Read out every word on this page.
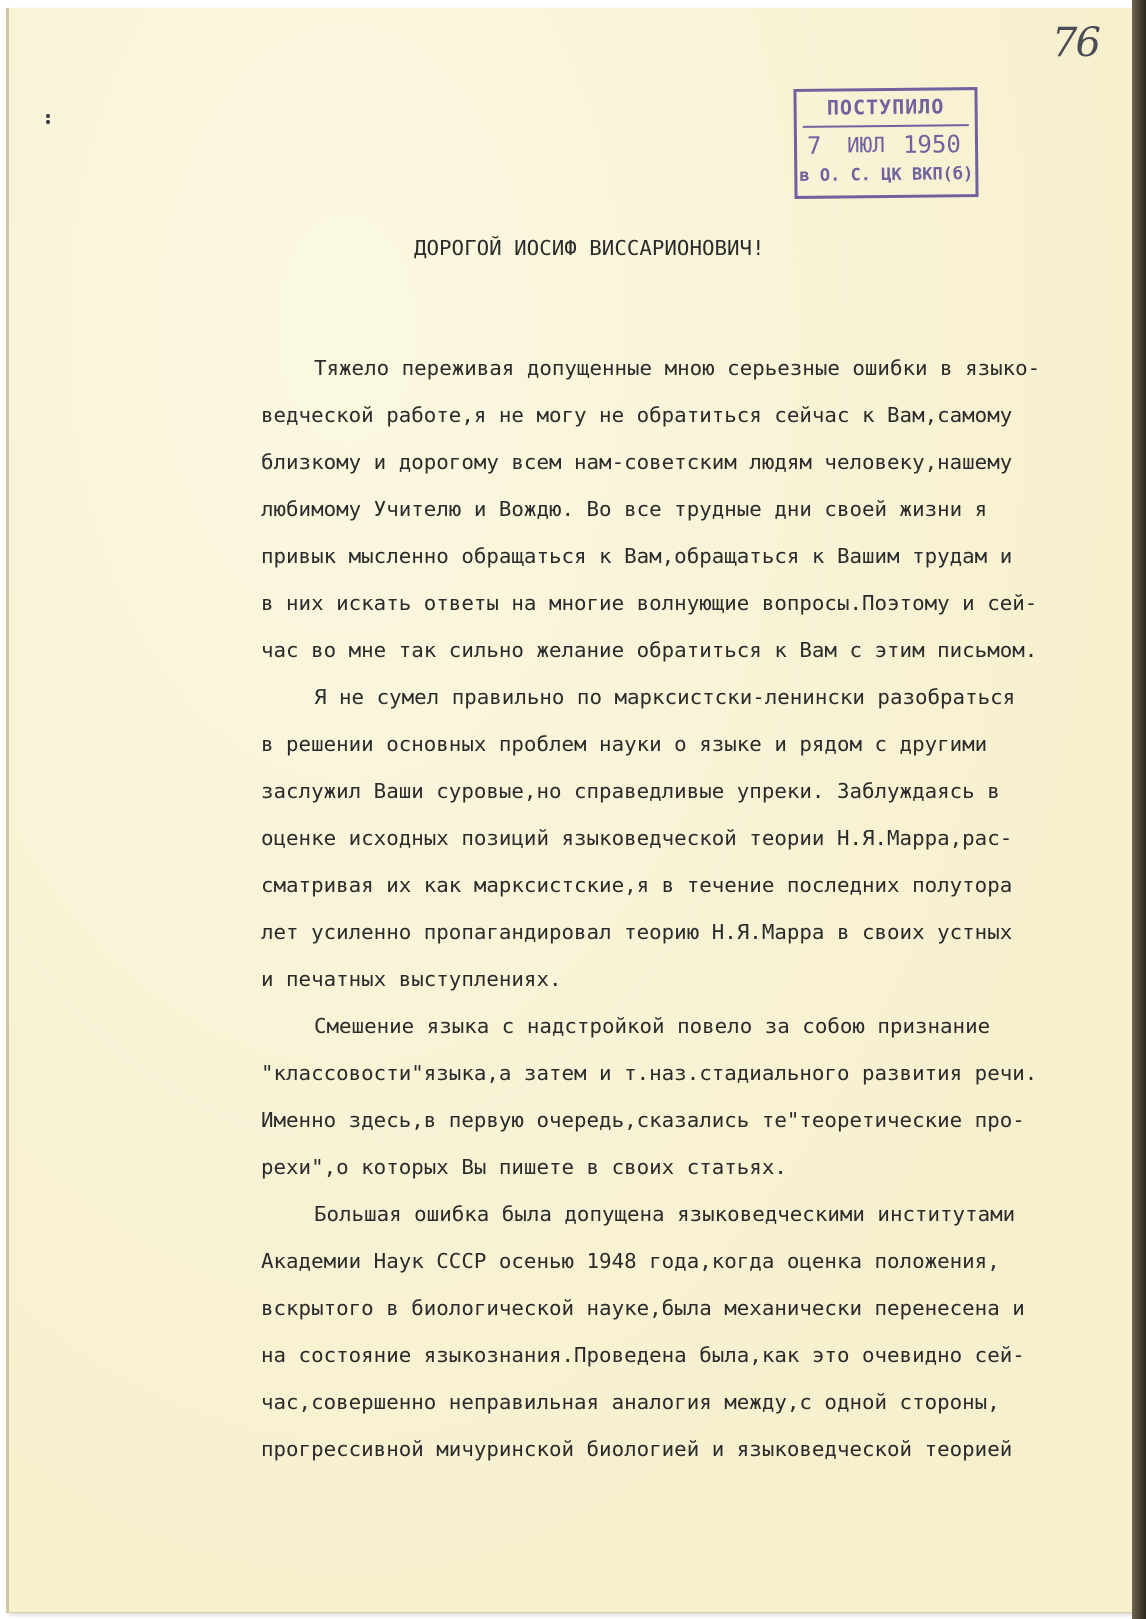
76
ПОСТУПИЛО
7 ИЮЛ 1950
в О. С. ЦК ВКП(б)
ДОРОГОЙ ИОСИФ ВИССАРИОНОВИЧ!
Тяжело переживая допущенные мною серьезные ошибки в языко-
ведческой работе,я не могу не обратиться сейчас к Вам,самому
близкому и дорогому всем нам-советским людям человеку,нашему
любимому Учителю и Вождю. Во все трудные дни своей жизни я
привык мысленно обращаться к Вам,обращаться к Вашим трудам и
в них искать ответы на многие волнующие вопросы.Поэтому и сей-
час во мне так сильно желание обратиться к Вам с этим письмом.
Я не сумел правильно по марксистски-ленински разобраться
в решении основных проблем науки о языке и рядом с другими
заслужил Ваши суровые,но справедливые упреки. Заблуждаясь в
оценке исходных позиций языковедческой теории Н.Я.Марра,рас-
сматривая их как марксистские,я в течение последних полутора
лет усиленно пропагандировал теорию Н.Я.Марра в своих устных
и печатных выступлениях.
Смешение языка с надстройкой повело за собою признание
"классовости"языка,а затем и т.наз.стадиального развития речи.
Именно здесь,в первую очередь,сказались те"теоретические про-
рехи",о которых Вы пишете в своих статьях.
Большая ошибка была допущена языковедческими институтами
Академии Наук СССР осенью 1948 года,когда оценка положения,
вскрытого в биологической науке,была механически перенесена и
на состояние языкознания.Проведена была,как это очевидно сей-
час,совершенно неправильная аналогия между,с одной стороны,
прогрессивной мичуринской биологией и языковедческой теорией
